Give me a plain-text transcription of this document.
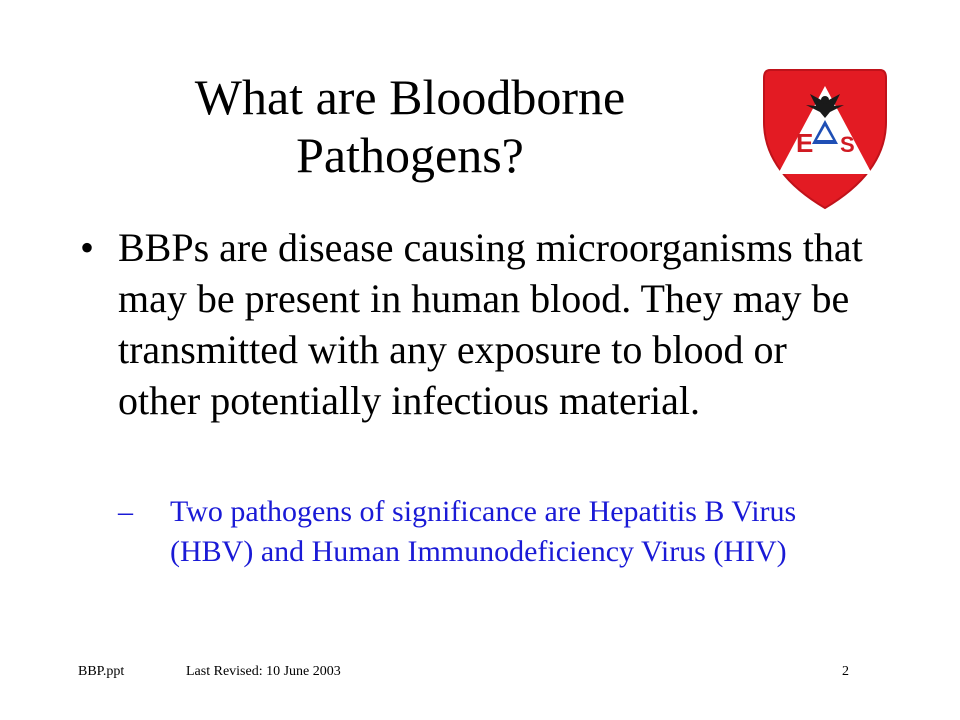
What are Bloodborne
Pathogens?	E S
• BBPs are disease causing microorganisms that may be present in human blood. They may be transmitted with any exposure to blood or other potentially infectious material.
– Two pathogens of significance are Hepatitis B Virus (HBV) and Human Immunodeficiency Virus (HIV)
BBP.ppt	Last Revised: 10 June 2003	2
